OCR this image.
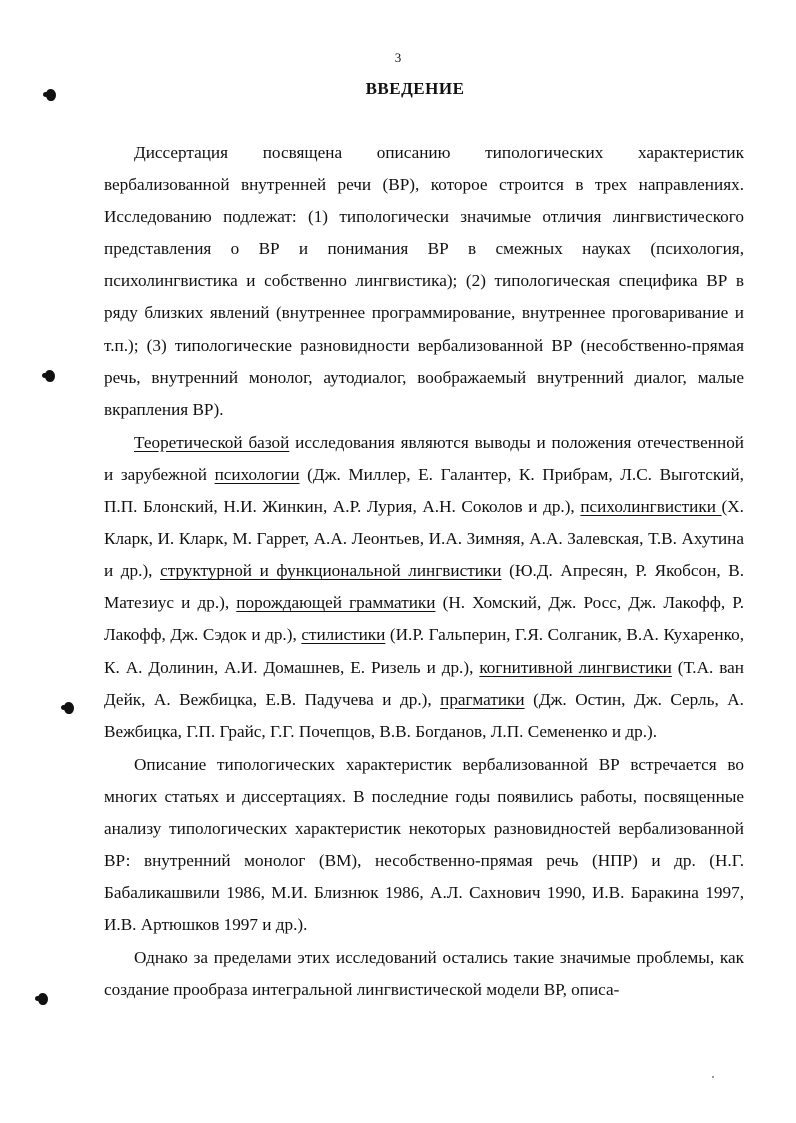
3
ВВЕДЕНИЕ

Диссертация посвящена описанию типологических характеристик вербализованной внутренней речи (ВР), которое строится в трех направлениях. Исследованию подлежат: (1) типологически значимые отличия лингвистического представления о ВР и понимания ВР в смежных науках (психология, психолингвистика и собственно лингвистика); (2) типологическая специфика ВР в ряду близких явлений (внутреннее программирование, внутреннее проговаривание и т.п.); (3) типологические разновидности вербализованной ВР (несобственно-прямая речь, внутренний монолог, аутодиалог, воображаемый внутренний диалог, малые вкрапления ВР).

Теоретической базой исследования являются выводы и положения отечественной и зарубежной психологии (Дж. Миллер, Е. Галантер, К. Прибрам, Л.С. Выготский, П.П. Блонский, Н.И. Жинкин, А.Р. Лурия, А.Н. Соколов и др.), психолингвистики (Х. Кларк, И. Кларк, М. Гаррет, А.А. Леонтьев, И.А. Зимняя, А.А. Залевская, Т.В. Ахутина и др.), структурной и функциональной лингвистики (Ю.Д. Апресян, Р. Якобсон, В. Матезиус и др.), порождающей грамматики (Н. Хомский, Дж. Росс, Дж. Лакофф, Р. Лакофф, Дж. Сэдок и др.), стилистики (И.Р. Гальперин, Г.Я. Солганик, В.А. Кухаренко, К. А. Долинин, А.И. Домашнев, Е. Ризель и др.), когнитивной лингвистики (Т.А. ван Дейк, А. Вежбицка, Е.В. Падучева и др.), прагматики (Дж. Остин, Дж. Серль, А. Вежбицка, Г.П. Грайс, Г.Г. Почепцов, В.В. Богданов, Л.П. Семененко и др.).

Описание типологических характеристик вербализованной ВР встречается во многих статьях и диссертациях. В последние годы появились работы, посвященные анализу типологических характеристик некоторых разновидностей вербализованной ВР: внутренний монолог (ВМ), несобственно-прямая речь (НПР) и др. (Н.Г. Бабаликашвили 1986, М.И. Близнюк 1986, А.Л. Сахнович 1990, И.В. Баракина 1997, И.В. Артюшков 1997 и др.).

Однако за пределами этих исследований остались такие значимые проблемы, как создание прообраза интегральной лингвистической модели ВР, описа-
